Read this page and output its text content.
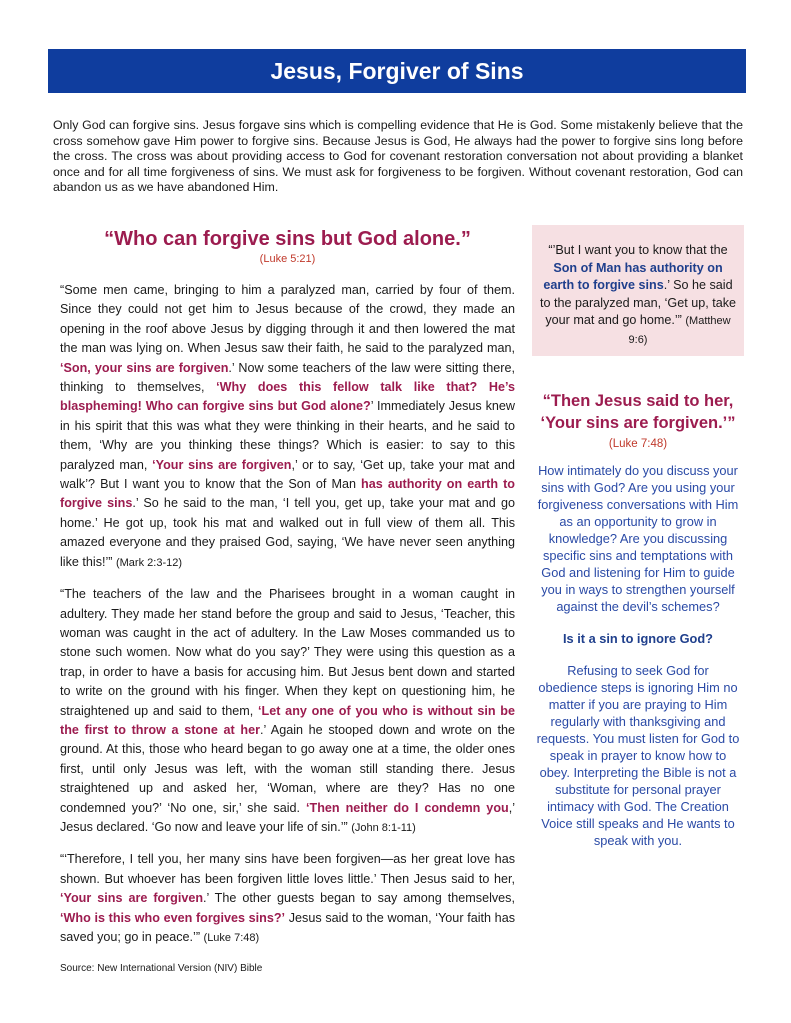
Jesus, Forgiver of Sins

Only God can forgive sins. Jesus forgave sins which is compelling evidence that He is God. Some mistakenly believe that the cross somehow gave Him power to forgive sins. Because Jesus is God, He always had the power to forgive sins long before the cross. The cross was about providing access to God for covenant restoration conversation not about providing a blanket once and for all time forgiveness of sins. We must ask for forgiveness to be forgiven. Without covenant restoration, God can abandon us as we have abandoned Him.

“Who can forgive sins but God alone.”

(Luke 5:21)

“Some men came, bringing to him a paralyzed man, carried by four of them. Since they could not get him to Jesus because of the crowd, they made an opening in the roof above Jesus by digging through it and then lowered the mat the man was lying on. When Jesus saw their faith, he said to the paralyzed man, ‘Son, your sins are forgiven.’ Now some teachers of the law were sitting there, thinking to themselves, ‘Why does this fellow talk like that? He’s blaspheming! Who can forgive sins but God alone?’ Immediately Jesus knew in his spirit that this was what they were thinking in their hearts, and he said to them, ‘Why are you thinking these things? Which is easier: to say to this paralyzed man, ‘Your sins are forgiven,’ or to say, ‘Get up, take your mat and walk’? But I want you to know that the Son of Man has authority on earth to forgive sins.’ So he said to the man, ‘I tell you, get up, take your mat and go home.’ He got up, took his mat and walked out in full view of them all. This amazed everyone and they praised God, saying, ‘We have never seen anything like this!’” (Mark 2:3-12)

“The teachers of the law and the Pharisees brought in a woman caught in adultery. They made her stand before the group and said to Jesus, ‘Teacher, this woman was caught in the act of adultery. In the Law Moses commanded us to stone such women. Now what do you say?’ They were using this question as a trap, in order to have a basis for accusing him. But Jesus bent down and started to write on the ground with his finger. When they kept on questioning him, he straightened up and said to them, ‘Let any one of you who is without sin be the first to throw a stone at her.’ Again he stooped down and wrote on the ground. At this, those who heard began to go away one at a time, the older ones first, until only Jesus was left, with the woman still standing there. Jesus straightened up and asked her, ‘Woman, where are they? Has no one condemned you?’ ‘No one, sir,’ she said. ‘Then neither do I condemn you,’ Jesus declared. ‘Go now and leave your life of sin.’” (John 8:1-11)

“‘Therefore, I tell you, her many sins have been forgiven—as her great love has shown. But whoever has been forgiven little loves little.’ Then Jesus said to her, ‘Your sins are forgiven.’ The other guests began to say among themselves, ‘Who is this who even forgives sins?’ Jesus said to the woman, ‘Your faith has saved you; go in peace.’” (Luke 7:48)

“’But I want you to know that the Son of Man has authority on earth to forgive sins.’ So he said to the paralyzed man, ‘Get up, take your mat and go home.’” (Matthew 9:6)

“Then Jesus said to her, ‘Your sins are forgiven.’”

(Luke 7:48)

How intimately do you discuss your sins with God? Are you using your forgiveness conversations with Him as an opportunity to grow in knowledge? Are you discussing specific sins and temptations with God and listening for Him to guide you in ways to strengthen yourself against the devil’s schemes?

Is it a sin to ignore God?

Refusing to seek God for obedience steps is ignoring Him no matter if you are praying to Him regularly with thanksgiving and requests. You must listen for God to speak in prayer to know how to obey. Interpreting the Bible is not a substitute for personal prayer intimacy with God. The Creation Voice still speaks and He wants to speak with you.

Source: New International Version (NIV) Bible
